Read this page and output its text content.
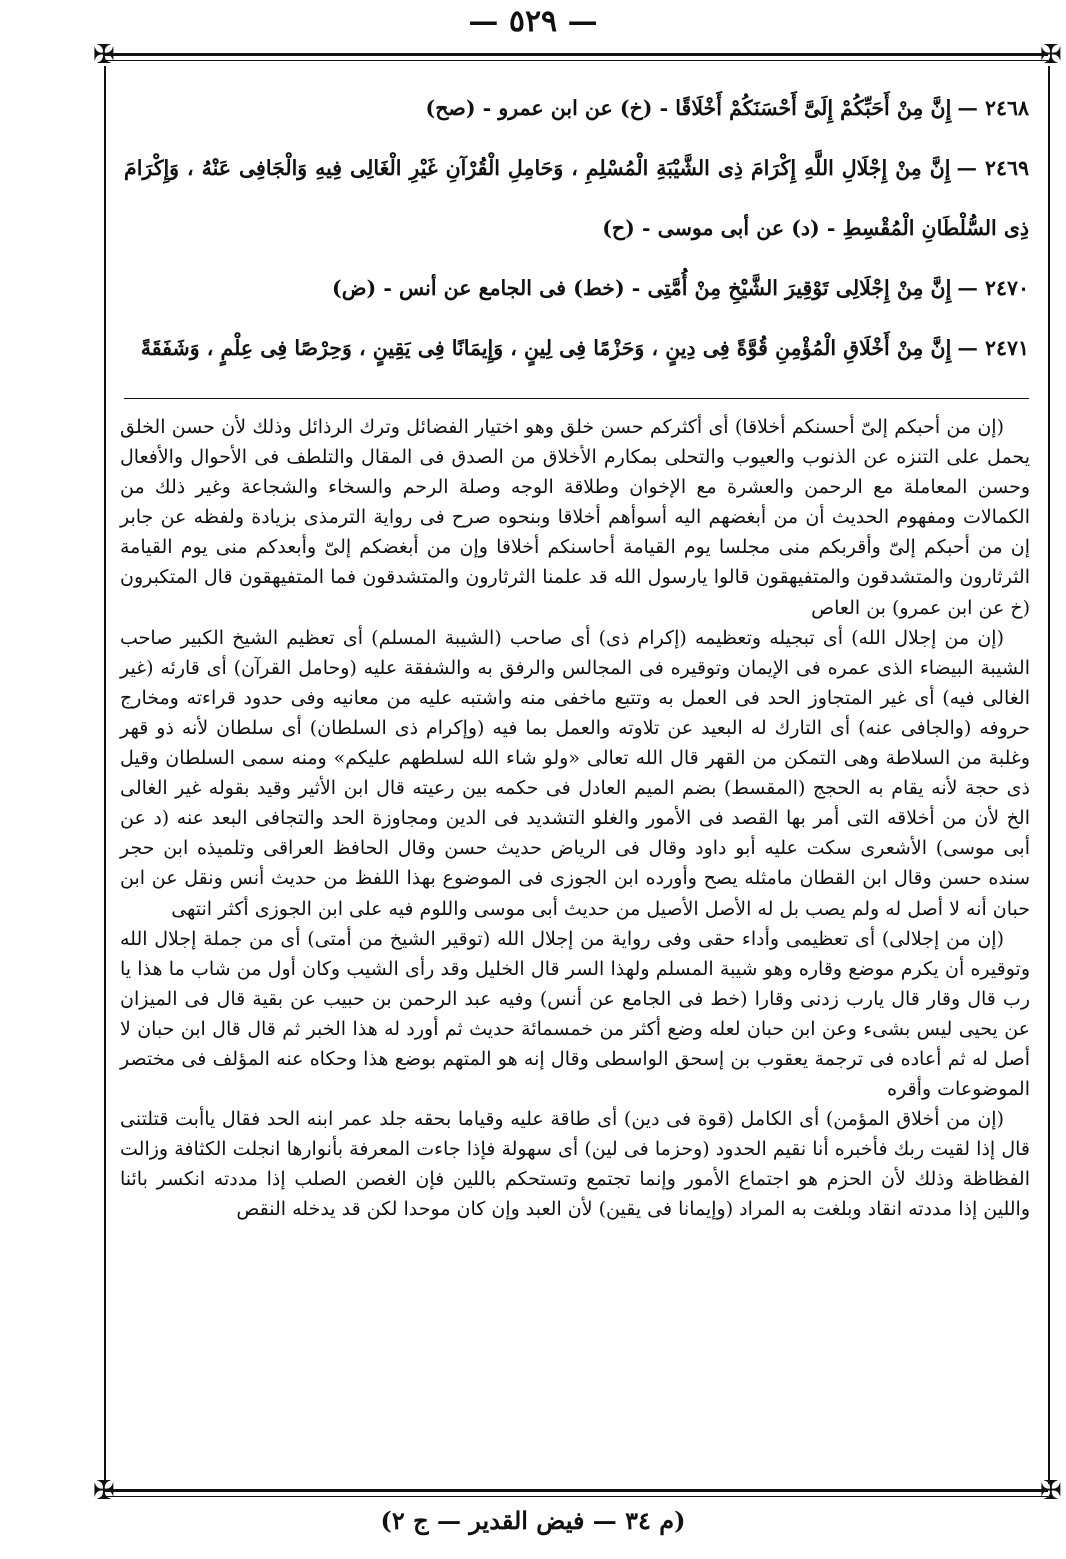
— ٥٢٩ —
✠	✠
✠	✠
٢٤٦٨ —إِنَّ مِنْ أَحَبِّكُمْ إِلَىَّ أَحْسَنَكُمْ أَخْلَاقًا - (خ) عن ابن عمرو - (صح)
٢٤٦٩ —إِنَّ مِنْ إِجْلَالِ اللَّهِ إِكْرَامَ ذِى الشَّيْبَةِ الْمُسْلِمِ ، وَحَامِلِ الْقُرْآنِ غَيْرِ الْغَالِى فِيهِ وَالْجَافِى عَنْهُ ، وَإِكْرَامَ ذِى السُّلْطَانِ الْمُقْسِطِ - (د) عن أبى موسى - (ح)
٢٤٧٠ —إِنَّ مِنْ إِجْلَالِى تَوْقِيرَ الشَّيْخِ مِنْ أُمَّتِى - (خط) فى الجامع عن أنس - (ض)
٢٤٧١ —إِنَّ مِنْ أَخْلَاقِ الْمُؤْمِنِ قُوَّةً فِى دِينٍ ، وَحَزْمًا فِى لِينٍ ، وَإِيمَانًا فِى يَقِينٍ ، وَحِرْصًا فِى عِلْمٍ ، وَشَفَقَةً

(إن من أحبكم إلىّ أحسنكم أخلاقا) أى أكثركم حسن خلق وهو اختيار الفضائل وترك الرذائل وذلك لأن حسن الخلق يحمل على التنزه عن الذنوب والعيوب والتحلى بمكارم الأخلاق من الصدق فى المقال والتلطف فى الأحوال والأفعال وحسن المعاملة مع الرحمن والعشرة مع الإخوان وطلاقة الوجه وصلة الرحم والسخاء والشجاعة وغير ذلك من الكمالات ومفهوم الحديث أن من أبغضهم اليه أسوأهم أخلاقا وبنحوه صرح فى رواية الترمذى بزيادة ولفظه عن جابر إن من أحبكم إلىّ وأقربكم منى مجلسا يوم القيامة أحاسنكم أخلاقا وإن من أبغضكم إلىّ وأبعدكم منى يوم القيامة الثرثارون والمتشدقون والمتفيهقون قالوا يارسول الله قد علمنا الثرثارون والمتشدقون فما المتفيهقون قال المتكبرون (خ عن ابن عمرو) بن العاص

(إن من إجلال الله) أى تبجيله وتعظيمه (إكرام ذى) أى صاحب (الشيبة المسلم) أى تعظيم الشيخ الكبير صاحب الشيبة البيضاء الذى عمره فى الإيمان وتوقيره فى المجالس والرفق به والشفقة عليه (وحامل القرآن) أى قارئه (غير الغالى فيه) أى غير المتجاوز الحد فى العمل به وتتبع ماخفى منه واشتبه عليه من معانيه وفى حدود قراءته ومخارج حروفه (والجافى عنه) أى التارك له البعيد عن تلاوته والعمل بما فيه (وإكرام ذى السلطان) أى سلطان لأنه ذو قهر وغلبة من السلاطة وهى التمكن من القهر قال الله تعالى «ولو شاء الله لسلطهم عليكم» ومنه سمى السلطان وقيل ذى حجة لأنه يقام به الحجج (المقسط) بضم الميم العادل فى حكمه بين رعيته قال ابن الأثير وقيد بقوله غير الغالى الخ لأن من أخلاقه التى أمر بها القصد فى الأمور والغلو التشديد فى الدين ومجاوزة الحد والتجافى البعد عنه (د عن أبى موسى) الأشعرى سكت عليه أبو داود وقال فى الرياض حديث حسن وقال الحافظ العراقى وتلميذه ابن حجر سنده حسن وقال ابن القطان مامثله يصح وأورده ابن الجوزى فى الموضوع بهذا اللفظ من حديث أنس ونقل عن ابن حبان أنه لا أصل له ولم يصب بل له الأصل الأصيل من حديث أبى موسى واللوم فيه على ابن الجوزى أكثر انتهى

(إن من إجلالى) أى تعظيمى وأداء حقى وفى رواية من إجلال الله (توقير الشيخ من أمتى) أى من جملة إجلال الله وتوقيره أن يكرم موضع وقاره وهو شيبة المسلم ولهذا السر قال الخليل وقد رأى الشيب وكان أول من شاب ما هذا يا رب قال وقار قال يارب زدنى وقارا (خط فى الجامع عن أنس) وفيه عبد الرحمن بن حبيب عن بقية قال فى الميزان عن يحيى ليس بشىء وعن ابن حبان لعله وضع أكثر من خمسمائة حديث ثم أورد له هذا الخبر ثم قال قال ابن حبان لا أصل له ثم أعاده فى ترجمة يعقوب بن إسحق الواسطى وقال إنه هو المتهم بوضع هذا وحكاه عنه المؤلف فى مختصر الموضوعات وأقره

(إن من أخلاق المؤمن) أى الكامل (قوة فى دين) أى طاقة عليه وقياما بحقه جلد عمر ابنه الحد فقال ياأبت قتلتنى قال إذا لقيت ربك فأخبره أنا نقيم الحدود (وحزما فى لين) أى سهولة فإذا جاءت المعرفة بأنوارها انجلت الكثافة وزالت الفظاظة وذلك لأن الحزم هو اجتماع الأمور وإنما تجتمع وتستحكم باللين فإن الغصن الصلب إذا مددته انكسر بائنا واللين إذا مددته انقاد وبلغت به المراد (وإيمانا فى يقين) لأن العبد وإن كان موحدا لكن قد يدخله النقص

(م ٣٤ — فيض القدير — ج ٢)
